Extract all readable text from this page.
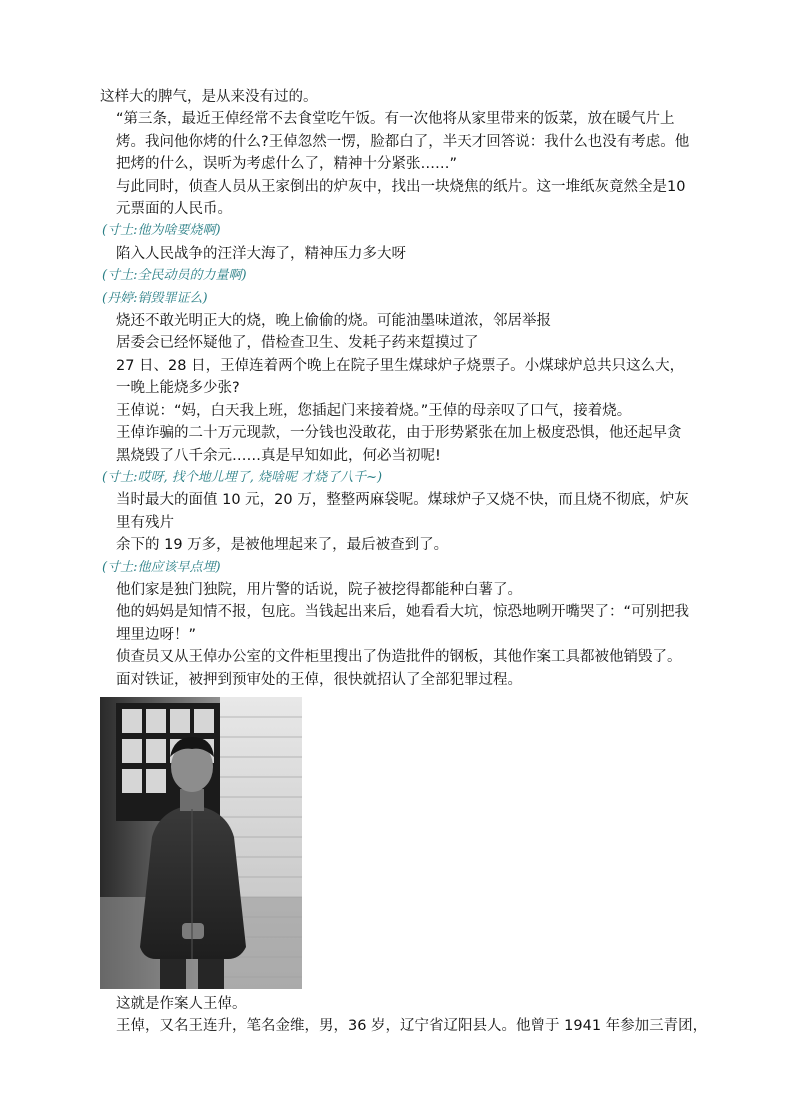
这样大的脾气，是从来没有过的。
“第三条，最近王倬经常不去食堂吃午饭。有一次他将从家里带来的饭菜，放在暖气片上烤。我问他你烤的什么?王倬忽然一愣，脸都白了，半天才回答说：我什么也没有考虑。他把烤的什么，误听为考虑什么了，精神十分紧张……”
与此同时，侦查人员从王家倒出的炉灰中，找出一块烧焦的纸片。这一堆纸灰竟然全是10 元票面的人民币。
(寸土:他为啥要烧啊)
陷入人民战争的汪洋大海了，精神压力多大呀
(寸土:全民动员的力量啊)
(丹婷:销毁罪证么)
烧还不敢光明正大的烧，晚上偷偷的烧。可能油墨味道浓，邻居举报
居委会已经怀疑他了，借检查卫生、发耗子药来踅摸过了
27 日、28 日，王倬连着两个晚上在院子里生煤球炉子烧票子。小煤球炉总共只这么大，一晚上能烧多少张?
王倬说：“妈，白天我上班，您插起门来接着烧。”王倬的母亲叹了口气，接着烧。
王倬诈骗的二十万元现款，一分钱也没敢花，由于形势紧张在加上极度恐惧，他还起早贪黑烧毁了八千余元……真是早知如此，何必当初呢!
(寸土:哎呀, 找个地儿埋了, 烧啥呢 才烧了八千~)
当时最大的面值 10 元，20 万，整整两麻袋呢。煤球炉子又烧不快，而且烧不彻底，炉灰里有残片
余下的 19 万多，是被他埋起来了，最后被查到了。
(寸土:他应该早点埋)
他们家是独门独院，用片警的话说，院子被挖得都能种白薯了。
他的妈妈是知情不报，包庇。当钱起出来后，她看看大坑，惊恐地咧开嘴哭了：“可别把我埋里边呀！”
侦查员又从王倬办公室的文件柜里搜出了伪造批件的钢板，其他作案工具都被他销毁了。
面对铁证，被押到预审处的王倬，很快就招认了全部犯罪过程。
这就是作案人王倬。
王倬，又名王连升，笔名金维，男，36 岁，辽宁省辽阳县人。他曾于 1941 年参加三青团，
